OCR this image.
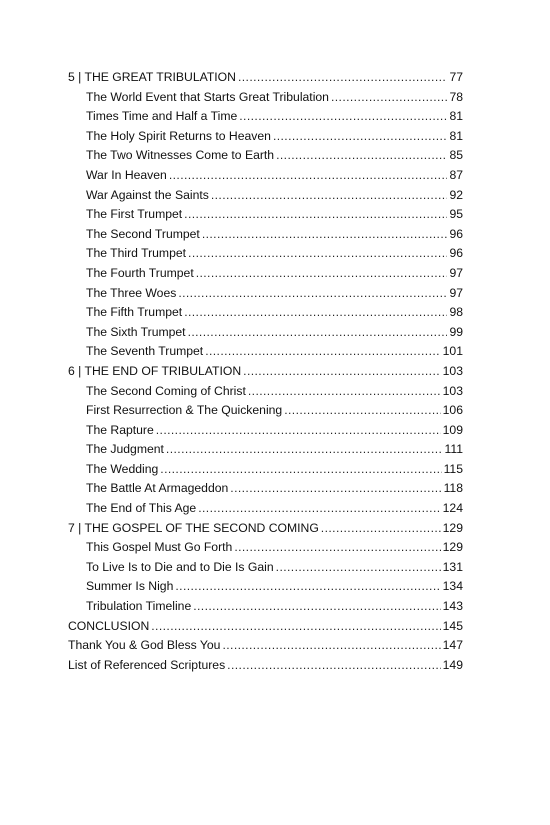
5 | THE GREAT TRIBULATION .....	77
The World Event that Starts Great Tribulation .....	78
Times Time and Half a Time .....	81
The Holy Spirit Returns to Heaven .....	81
The Two Witnesses Come to Earth .....	85
War In Heaven .....	87
War Against the Saints .....	92
The First Trumpet .....	95
The Second Trumpet .....	96
The Third Trumpet .....	96
The Fourth Trumpet .....	97
The Three Woes .....	97
The Fifth Trumpet .....	98
The Sixth Trumpet .....	99
The Seventh Trumpet .....	101
6 | THE END OF TRIBULATION .....	103
The Second Coming of Christ .....	103
First Resurrection & The Quickening .....	106
The Rapture .....	109
The Judgment .....	111
The Wedding .....	115
The Battle At Armageddon .....	118
The End of This Age .....	124
7 | THE GOSPEL OF THE SECOND COMING .....	129
This Gospel Must Go Forth .....	129
To Live Is to Die and to Die Is Gain .....	131
Summer Is Nigh .....	134
Tribulation Timeline .....	143
CONCLUSION .....	145
Thank You & God Bless You .....	147
List of Referenced Scriptures .....	149
